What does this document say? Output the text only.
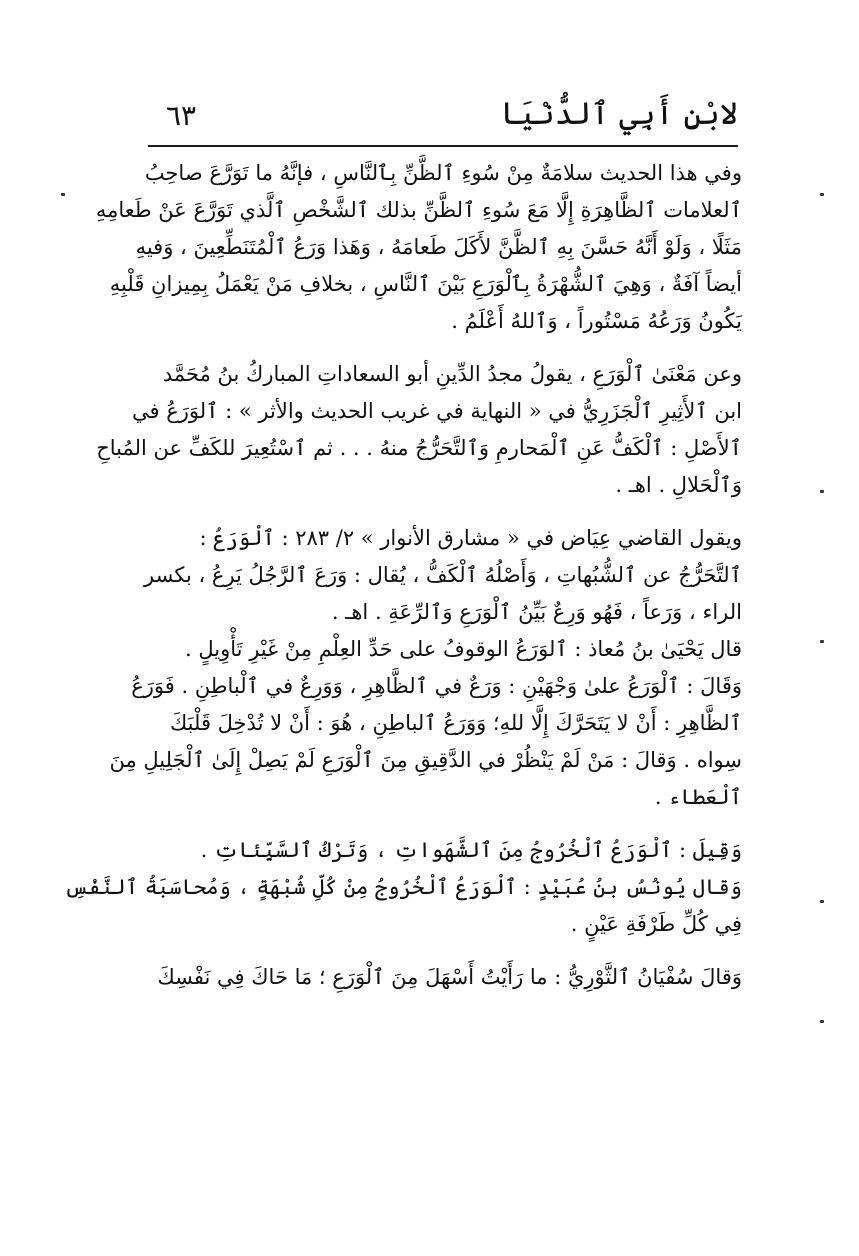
لابْنِ أَبِي ٱلدُّنْيَا
٦٣
وفي هذا الحديث سلامَةٌ مِنْ سُوءِ ٱلظَّنِّ بِٱلنَّاسِ ، فإنَّهُ ما تَوَرَّعَ صاحِبُ
ٱلعلامات ٱلظَّاهِرَةِ إِلَّا مَعَ سُوءِ ٱلظَّنِّ بذلك ٱلشَّخْصِ ٱلَّذي تَوَرَّعَ عَنْ طَعامِهِ
مَثَلًا ، وَلَوْ أَنَّهُ حَسَّنَ بِهِ ٱلظَّنَّ لأَكَلَ طَعامَهُ ، وَهَذا وَرَعُ ٱلْمُتَنَطِّعِينَ ، وَفيهِ
أيضاً آفَةٌ ، وَهِيَ ٱلشُّهْرَةُ بِٱلْوَرَعِ بَيْنَ ٱلنَّاسِ ، بخلافِ مَنْ يَعْمَلُ بِمِيزانِ قَلْبِهِ
يَكُونُ وَرَعُهُ مَسْتُوراً ، وَٱللهُ أَعْلَمُ .
وعن مَعْنَىٰ ٱلْوَرَعِ ، يقولُ مجدُ الدِّينِ أبو السعاداتِ المباركُ بنُ مُحَمَّد
ابن ٱلأَثِيرِ ٱلْجَزَرِيُّ في « النهاية في غريب الحديث والأثر » : ٱلوَرَعُ في
ٱلأَصْلِ : ٱلْكَفُّ عَنِ ٱلْمَحارمِ وَٱلتَّحَرُّجُ منهُ . . . ثم ٱسْتُعِيرَ للكَفِّ عن المُباحِ
وَٱلْحَلالِ . اهـ .
ويقول القاضي عِيَاض في « مشارق الأنوار » ٢/ ٢٨٣ : ٱلْوَرَعُ :
ٱلتَّحَرُّجُ عن ٱلشُّبُهاتِ ، وَأَصْلُهُ ٱلْكَفُّ ، يُقال : وَرَعَ ٱلرَّجُلُ يَرِعُ ، بكسر
الراء ، وَرَعاً ، فَهُو وَرِعٌ بَيِّنُ ٱلْوَرَعِ وَٱلرِّعَةِ . اهـ .
قال يَحْيَىٰ بنُ مُعاذ : ٱلوَرَعُ الوقوفُ على حَدِّ العِلْمِ مِنْ غَيْرِ تَأْوِيلٍ .
وَقَالَ : ٱلْوَرَعُ علىٰ وَجْهَيْنِ : وَرَعٌ في ٱلظَّاهِرِ ، وَوَرِعٌ في ٱلْباطِنِ . فَوَرَعُ
ٱلظَّاهِرِ : أَنْ لا يَتَحَرَّكَ إِلَّا للهِ؛ وَوَرَعُ ٱلباطِنِ ، هُوَ : أَنْ لا تُدْخِلَ قَلْبَكَ
سِواه . وَقالَ : مَنْ لَمْ يَنْظُرْ في الدَّقِيقِ مِنَ ٱلْوَرَعِ لَمْ يَصِلْ إِلَىٰ ٱلْجَلِيلِ مِنَ
ٱلْعَطاء .
وَقِيلَ : ٱلْوَرَعُ ٱلْخُرُوجُ مِنَ ٱلشَّهَواتِ ، وَتَرْكُ ٱلسَّيِّئاتِ .
وَقال يُونُسُ بنُ عُبَيْدٍ : ٱلْوَرَعُ ٱلْخُرُوجُ مِنْ كُلِّ شُبْهَةٍ ، وَمُحاسَبَةُ ٱلنَّفْسِ
فِي كُلِّ طَرْفَةِ عَيْنٍ .
وَقالَ سُفْيَانُ ٱلثَّوْرِيُّ : ما رَأَيْتُ أَسْهَلَ مِنَ ٱلْوَرَعِ ؛ مَا حَاكَ فِي نَفْسِكَ
